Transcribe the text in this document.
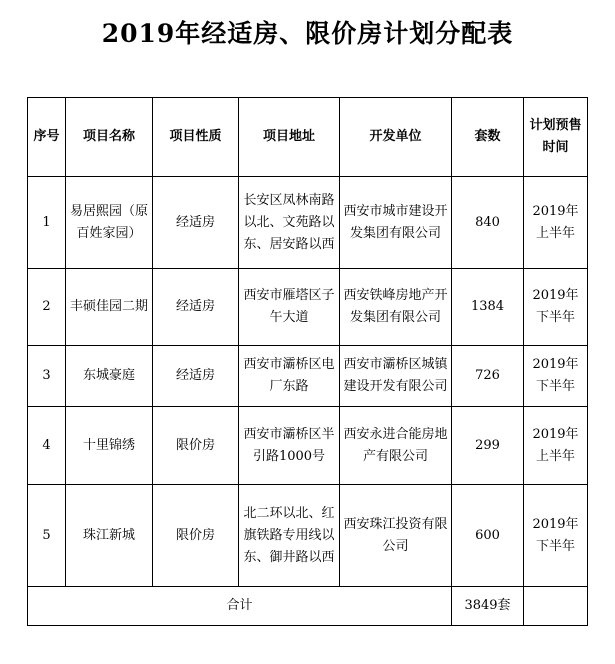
2019年经适房、限价房计划分配表
序号	项目名称	项目性质	项目地址	开发单位	套数	计划预售时间
1	易居熙园（原百姓家园）	经适房	长安区凤林南路以北、文苑路以东、居安路以西	西安市城市建设开发集团有限公司	840	2019年上半年
2	丰硕佳园二期	经适房	西安市雁塔区子午大道	西安铁峰房地产开发集团有限公司	1384	2019年下半年
3	东城豪庭	经适房	西安市灞桥区电厂东路	西安市灞桥区城镇建设开发有限公司	726	2019年下半年
4	十里锦绣	限价房	西安市灞桥区半引路1000号	西安永进合能房地产有限公司	299	2019年上半年
5	珠江新城	限价房	北二环以北、红旗铁路专用线以东、御井路以西	西安珠江投资有限公司	600	2019年下半年
合计					3849套	
